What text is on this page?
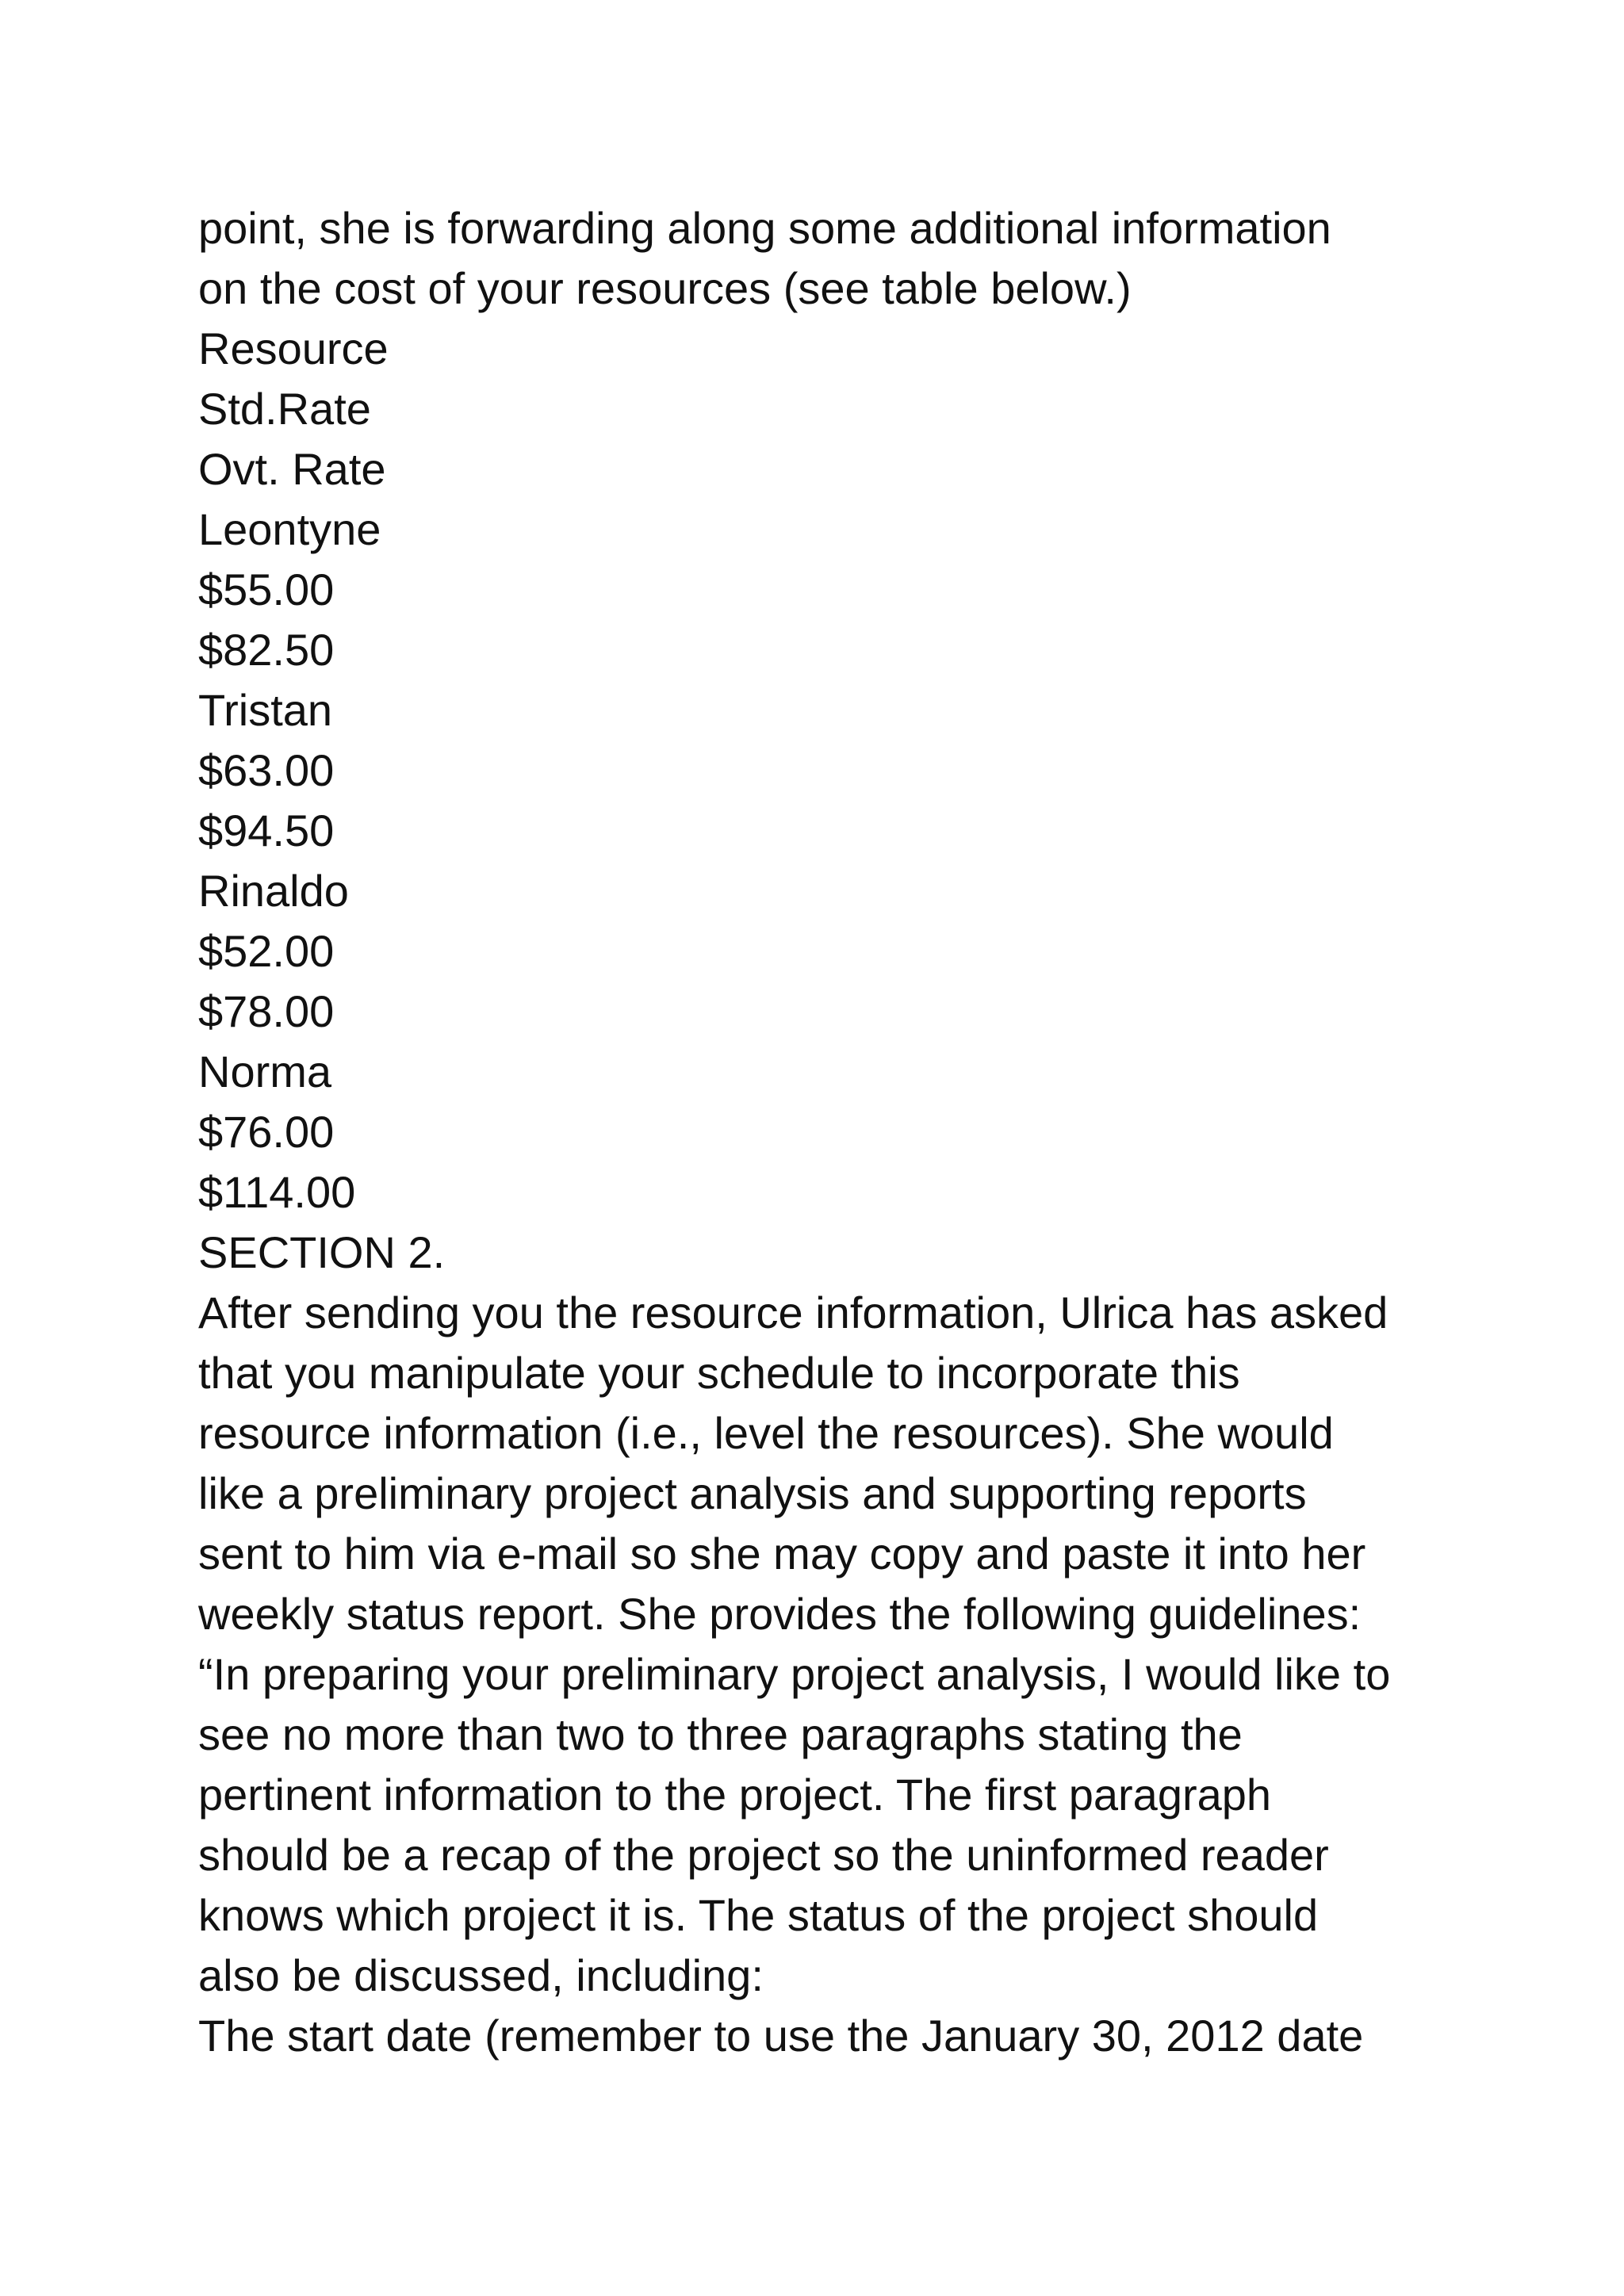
point, she is forwarding along some additional information
on the cost of your resources (see table below.)
Resource
Std.Rate
Ovt. Rate
Leontyne
$55.00
$82.50
Tristan
$63.00
$94.50
Rinaldo
$52.00
$78.00
Norma
$76.00
$114.00
SECTION 2.
After sending you the resource information, Ulrica has asked
that you manipulate your schedule to incorporate this
resource information (i.e., level the resources). She would
like a preliminary project analysis and supporting reports
sent to him via e-mail so she may copy and paste it into her
weekly status report. She provides the following guidelines:
“In preparing your preliminary project analysis, I would like to
see no more than two to three paragraphs stating the
pertinent information to the project. The first paragraph
should be a recap of the project so the uninformed reader
knows which project it is. The status of the project should
also be discussed, including:
The start date (remember to use the January 30, 2012 date
